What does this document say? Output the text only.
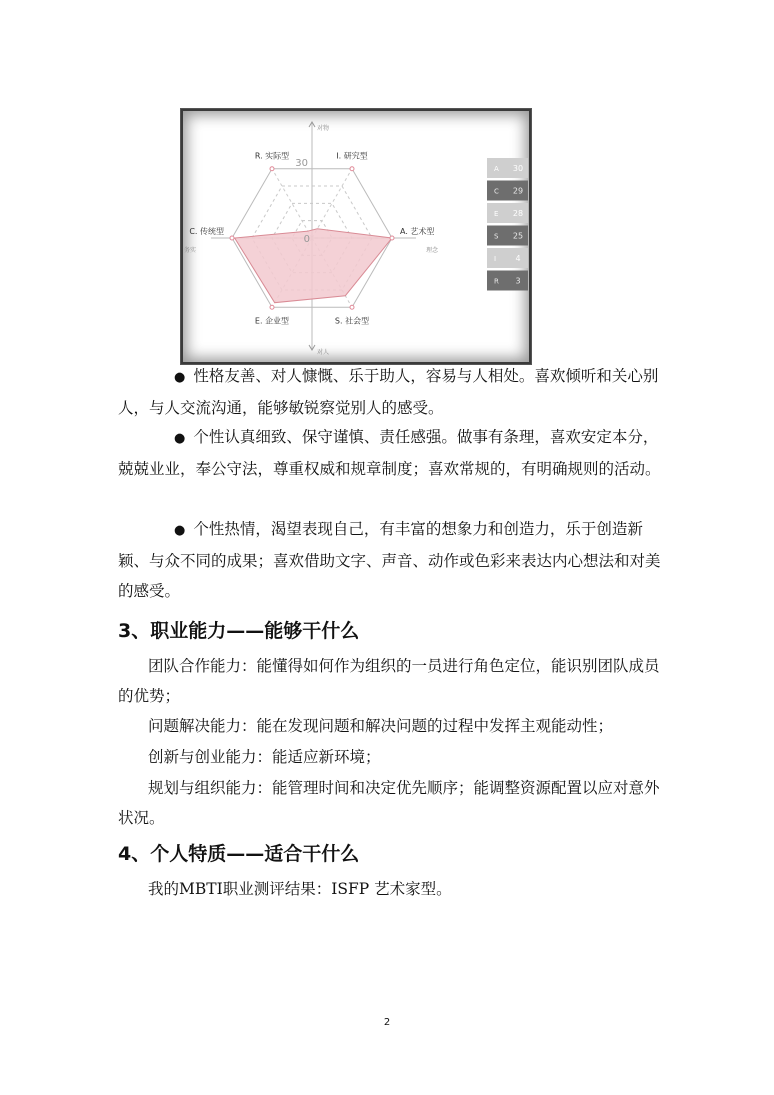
R. 实际型	I. 研究型
A. 艺术型
S. 社会型
E. 企业型
C. 传统型
30
0
对物
对人
务实	理念
A 30
C 29
E 28
S 25
I 4
R 3

● 性格友善、对人慷慨、乐于助人，容易与人相处。喜欢倾听和关心别人，与人交流沟通，能够敏锐察觉别人的感受。

● 个性认真细致、保守谨慎、责任感强。做事有条理，喜欢安定本分，兢兢业业，奉公守法，尊重权威和规章制度；喜欢常规的，有明确规则的活动。

● 个性热情，渴望表现自己，有丰富的想象力和创造力，乐于创造新颖、与众不同的成果；喜欢借助文字、声音、动作或色彩来表达内心想法和对美的感受。

3、职业能力——能够干什么

团队合作能力：能懂得如何作为组织的一员进行角色定位，能识别团队成员的优势；

问题解决能力：能在发现问题和解决问题的过程中发挥主观能动性；

创新与创业能力：能适应新环境；

规划与组织能力：能管理时间和决定优先顺序；能调整资源配置以应对意外状况。

4、个人特质——适合干什么

我的MBTI职业测评结果：ISFP 艺术家型。

2
